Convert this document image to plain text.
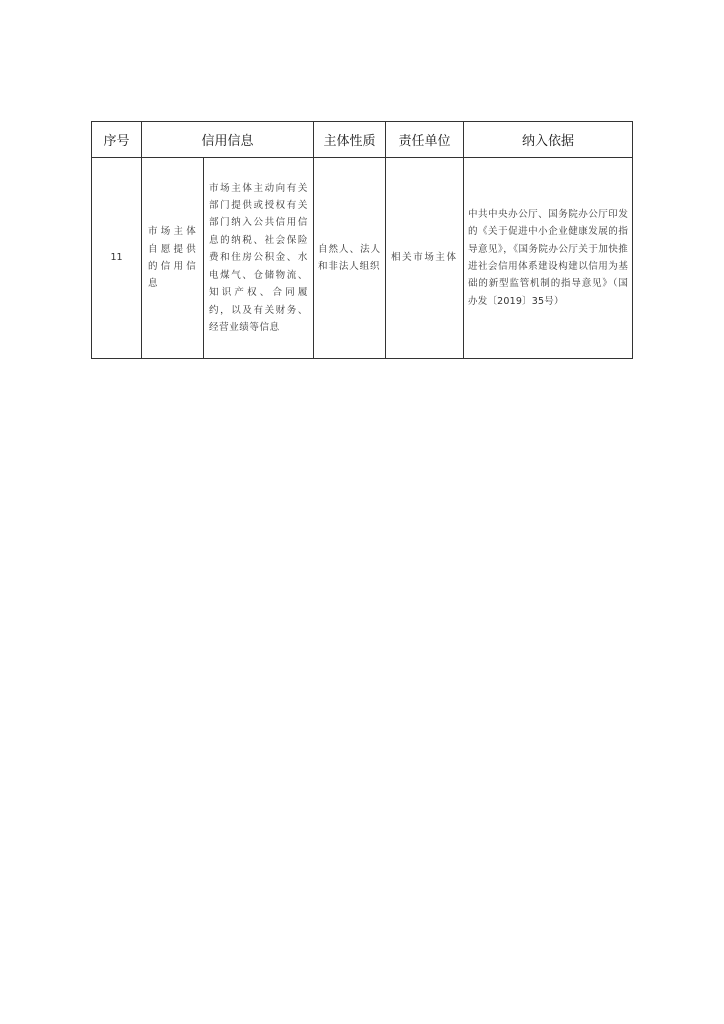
序号	信用信息		主体性质	责任单位	纳入依据

11	市场主体自愿提供的信用信息	市场主体主动向有关部门提供或授权有关部门纳入公共信用信息的纳税、社会保险费和住房公积金、水电煤气、仓储物流、知识产权、合同履约，以及有关财务、经营业绩等信息	自然人、法人和非法人组织	相关市场主体	中共中央办公厅、国务院办公厅印发的《关于促进中小企业健康发展的指导意见》，《国务院办公厅关于加快推进社会信用体系建设构建以信用为基础的新型监管机制的指导意见》（国办发〔2019〕35号）
